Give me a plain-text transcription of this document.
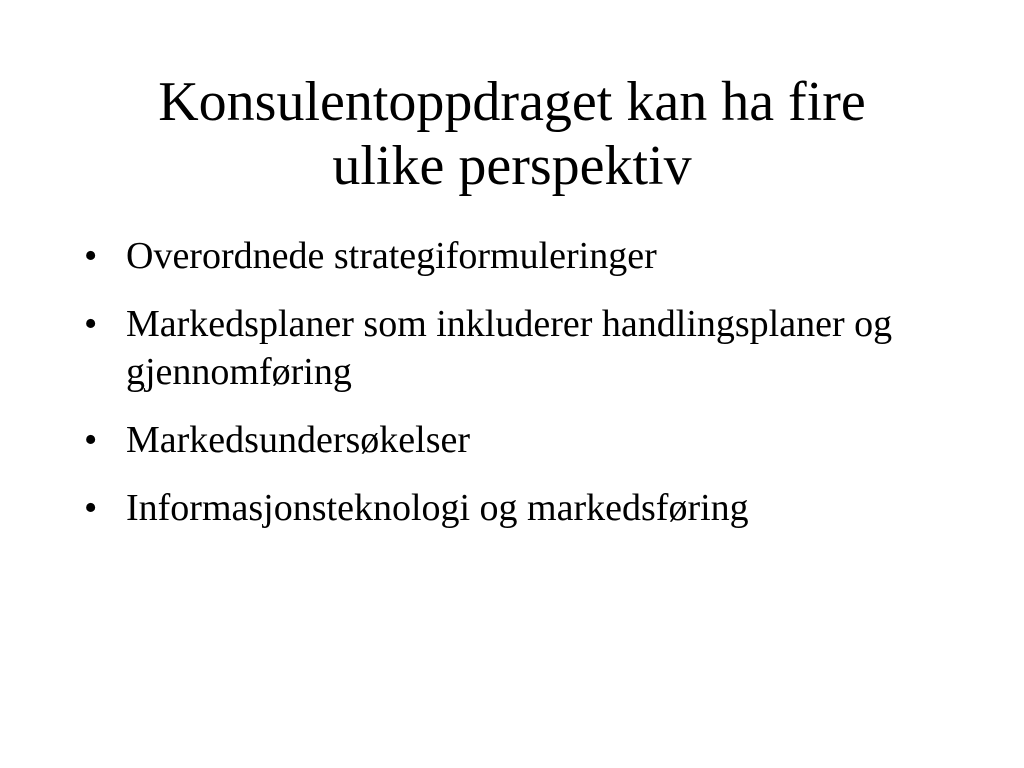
Konsulentoppdraget kan ha fire
ulike perspektiv
• Overordnede strategiformuleringer
• Markedsplaner som inkluderer handlingsplaner og gjennomføring
• Markedsundersøkelser
• Informasjonsteknologi og markedsføring
